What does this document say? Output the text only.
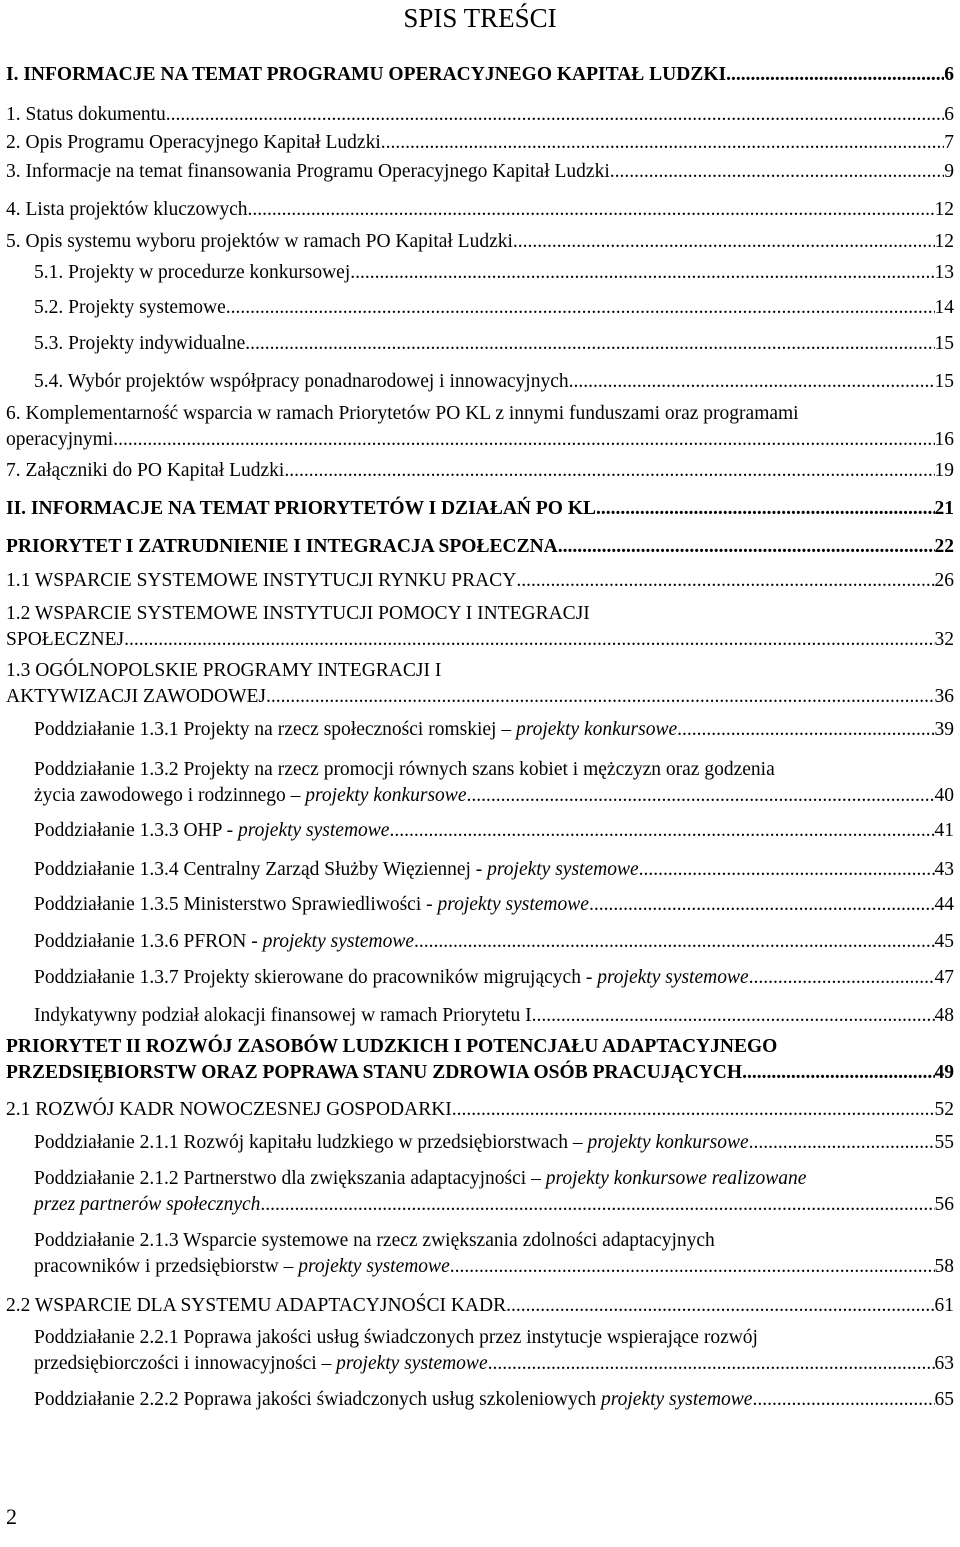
SPIS TREŚCI
I. INFORMACJE NA TEMAT PROGRAMU OPERACYJNEGO KAPITAŁ LUDZKI .....	6
1. Status dokumentu .....	6
2. Opis Programu Operacyjnego Kapitał Ludzki .....	7
3. Informacje na temat finansowania Programu Operacyjnego Kapitał Ludzki .....	9
4. Lista projektów kluczowych .....	12
5. Opis systemu wyboru projektów w ramach PO Kapitał Ludzki .....	12
5.1. Projekty w procedurze konkursowej .....	13
5.2. Projekty systemowe .....	14
5.3. Projekty indywidualne .....	15
5.4. Wybór projektów współpracy ponadnarodowej i innowacyjnych .....	15
6. Komplementarność wsparcia w ramach Priorytetów PO KL z innymi funduszami oraz programami
operacyjnymi .....	16
7. Załączniki do PO Kapitał Ludzki .....	19
II. INFORMACJE NA TEMAT PRIORYTETÓW I DZIAŁAŃ PO KL .....	21
PRIORYTET I ZATRUDNIENIE I INTEGRACJA SPOŁECZNA .....	22
1.1 WSPARCIE SYSTEMOWE INSTYTUCJI RYNKU PRACY .....	26
1.2 WSPARCIE SYSTEMOWE INSTYTUCJI POMOCY I INTEGRACJI
SPOŁECZNEJ .....	32
1.3 OGÓLNOPOLSKIE PROGRAMY INTEGRACJI I
AKTYWIZACJI ZAWODOWEJ .....	36
Poddziałanie 1.3.1 Projekty na rzecz społeczności romskiej – projekty konkursowe .....	39
Poddziałanie 1.3.2 Projekty na rzecz promocji równych szans kobiet i mężczyzn oraz godzenia
życia zawodowego i rodzinnego – projekty konkursowe .....	40
Poddziałanie 1.3.3 OHP - projekty systemowe .....	41
Poddziałanie 1.3.4 Centralny Zarząd Służby Więziennej - projekty systemowe .....	43
Poddziałanie 1.3.5 Ministerstwo Sprawiedliwości - projekty systemowe .....	44
Poddziałanie 1.3.6 PFRON - projekty systemowe .....	45
Poddziałanie 1.3.7 Projekty skierowane do pracowników migrujących - projekty systemowe .....	47
Indykatywny podział alokacji finansowej w ramach Priorytetu I .....	48
PRIORYTET II ROZWÓJ ZASOBÓW LUDZKICH I POTENCJAŁU ADAPTACYJNEGO
PRZEDSIĘBIORSTW ORAZ POPRAWA STANU ZDROWIA OSÓB PRACUJĄCYCH .....	49
2.1 ROZWÓJ KADR NOWOCZESNEJ GOSPODARKI .....	52
Poddziałanie 2.1.1 Rozwój kapitału ludzkiego w przedsiębiorstwach – projekty konkursowe .....	55
Poddziałanie 2.1.2 Partnerstwo dla zwiększania adaptacyjności – projekty konkursowe realizowane
przez partnerów społecznych .....	56
Poddziałanie 2.1.3 Wsparcie systemowe na rzecz zwiększania zdolności adaptacyjnych
pracowników i przedsiębiorstw – projekty systemowe .....	58
2.2 WSPARCIE DLA SYSTEMU ADAPTACYJNOŚCI KADR .....	61
Poddziałanie 2.2.1 Poprawa jakości usług świadczonych przez instytucje wspierające rozwój
przedsiębiorczości i innowacyjności – projekty systemowe .....	63
Poddziałanie 2.2.2 Poprawa jakości świadczonych usług szkoleniowych projekty systemowe .....	65
2
